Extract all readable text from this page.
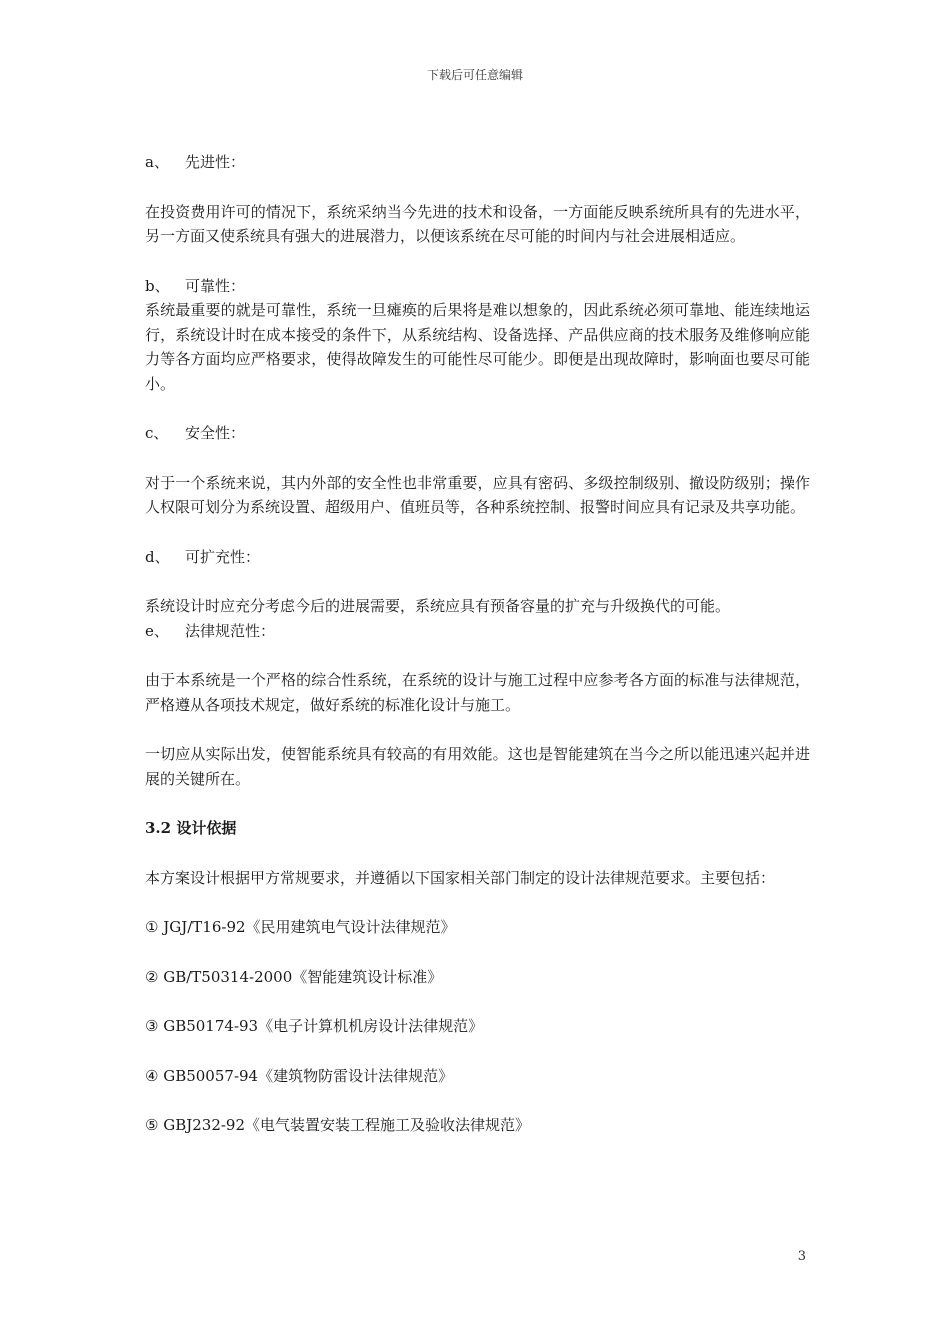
下载后可任意编辑

a、 先进性：

在投资费用许可的情况下，系统采纳当今先进的技术和设备，一方面能反映系统所具有的先进水平，另一方面又使系统具有强大的进展潜力，以便该系统在尽可能的时间内与社会进展相适应。

b、 可靠性：

系统最重要的就是可靠性，系统一旦瘫痪的后果将是难以想象的，因此系统必须可靠地、能连续地运行，系统设计时在成本接受的条件下，从系统结构、设备选择、产品供应商的技术服务及维修响应能力等各方面均应严格要求，使得故障发生的可能性尽可能少。即便是出现故障时，影响面也要尽可能小。

c、 安全性：

对于一个系统来说，其内外部的安全性也非常重要，应具有密码、多级控制级别、撤设防级别；操作人权限可划分为系统设置、超级用户、值班员等，各种系统控制、报警时间应具有记录及共享功能。

d、 可扩充性：

系统设计时应充分考虑今后的进展需要，系统应具有预备容量的扩充与升级换代的可能。

e、 法律规范性：

由于本系统是一个严格的综合性系统，在系统的设计与施工过程中应参考各方面的标准与法律规范，严格遵从各项技术规定，做好系统的标准化设计与施工。

一切应从实际出发，使智能系统具有较高的有用效能。这也是智能建筑在当今之所以能迅速兴起并进展的关键所在。

3.2 设计依据

本方案设计根据甲方常规要求，并遵循以下国家相关部门制定的设计法律规范要求。主要包括：

① JGJ/T16-92《民用建筑电气设计法律规范》

② GB/T50314-2000《智能建筑设计标准》

③ GB50174-93《电子计算机机房设计法律规范》

④ GB50057-94《建筑物防雷设计法律规范》

⑤ GBJ232-92《电气装置安装工程施工及验收法律规范》

3
